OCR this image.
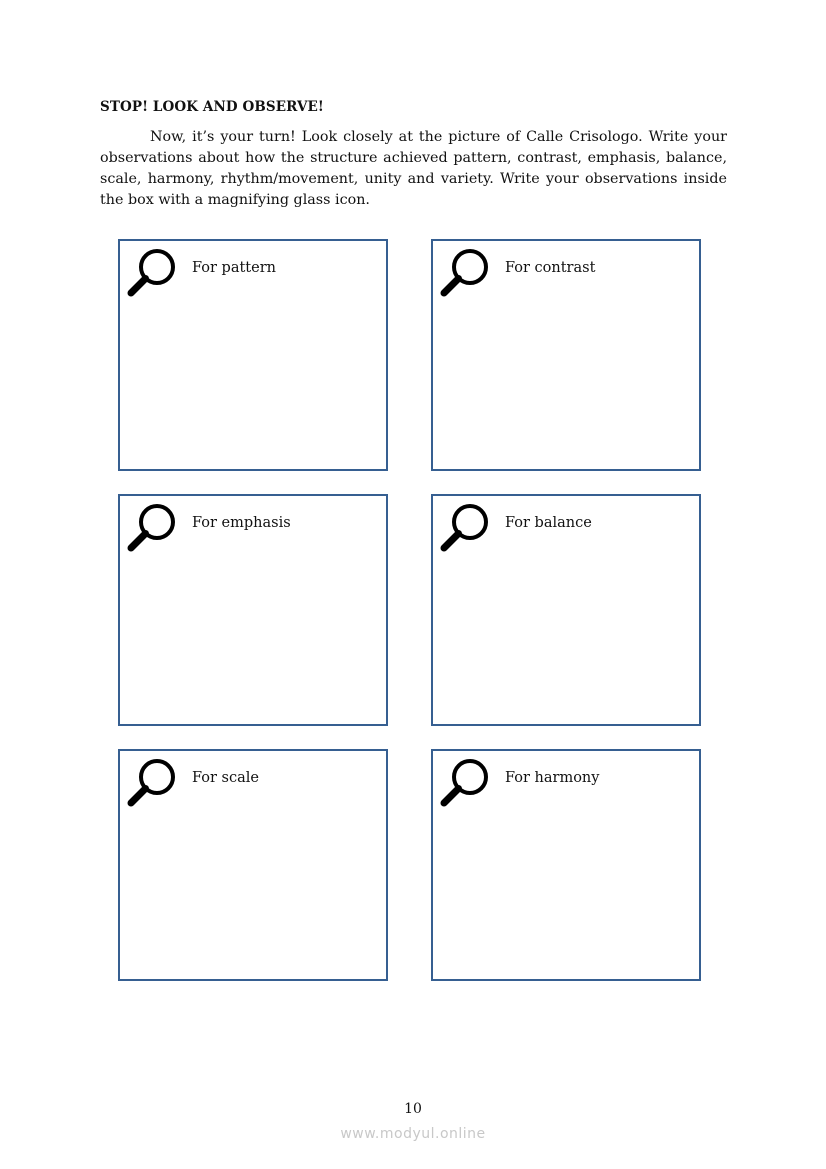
STOP! LOOK AND OBSERVE!
Now, it’s your turn! Look closely at the picture of Calle Crisologo. Write your observations about how the structure achieved pattern, contrast, emphasis, balance, scale, harmony, rhythm/movement, unity and variety. Write your observations inside the box with a magnifying glass icon.
For pattern	For contrast
For emphasis	For balance
For scale	For harmony
10
www.modyul.online
